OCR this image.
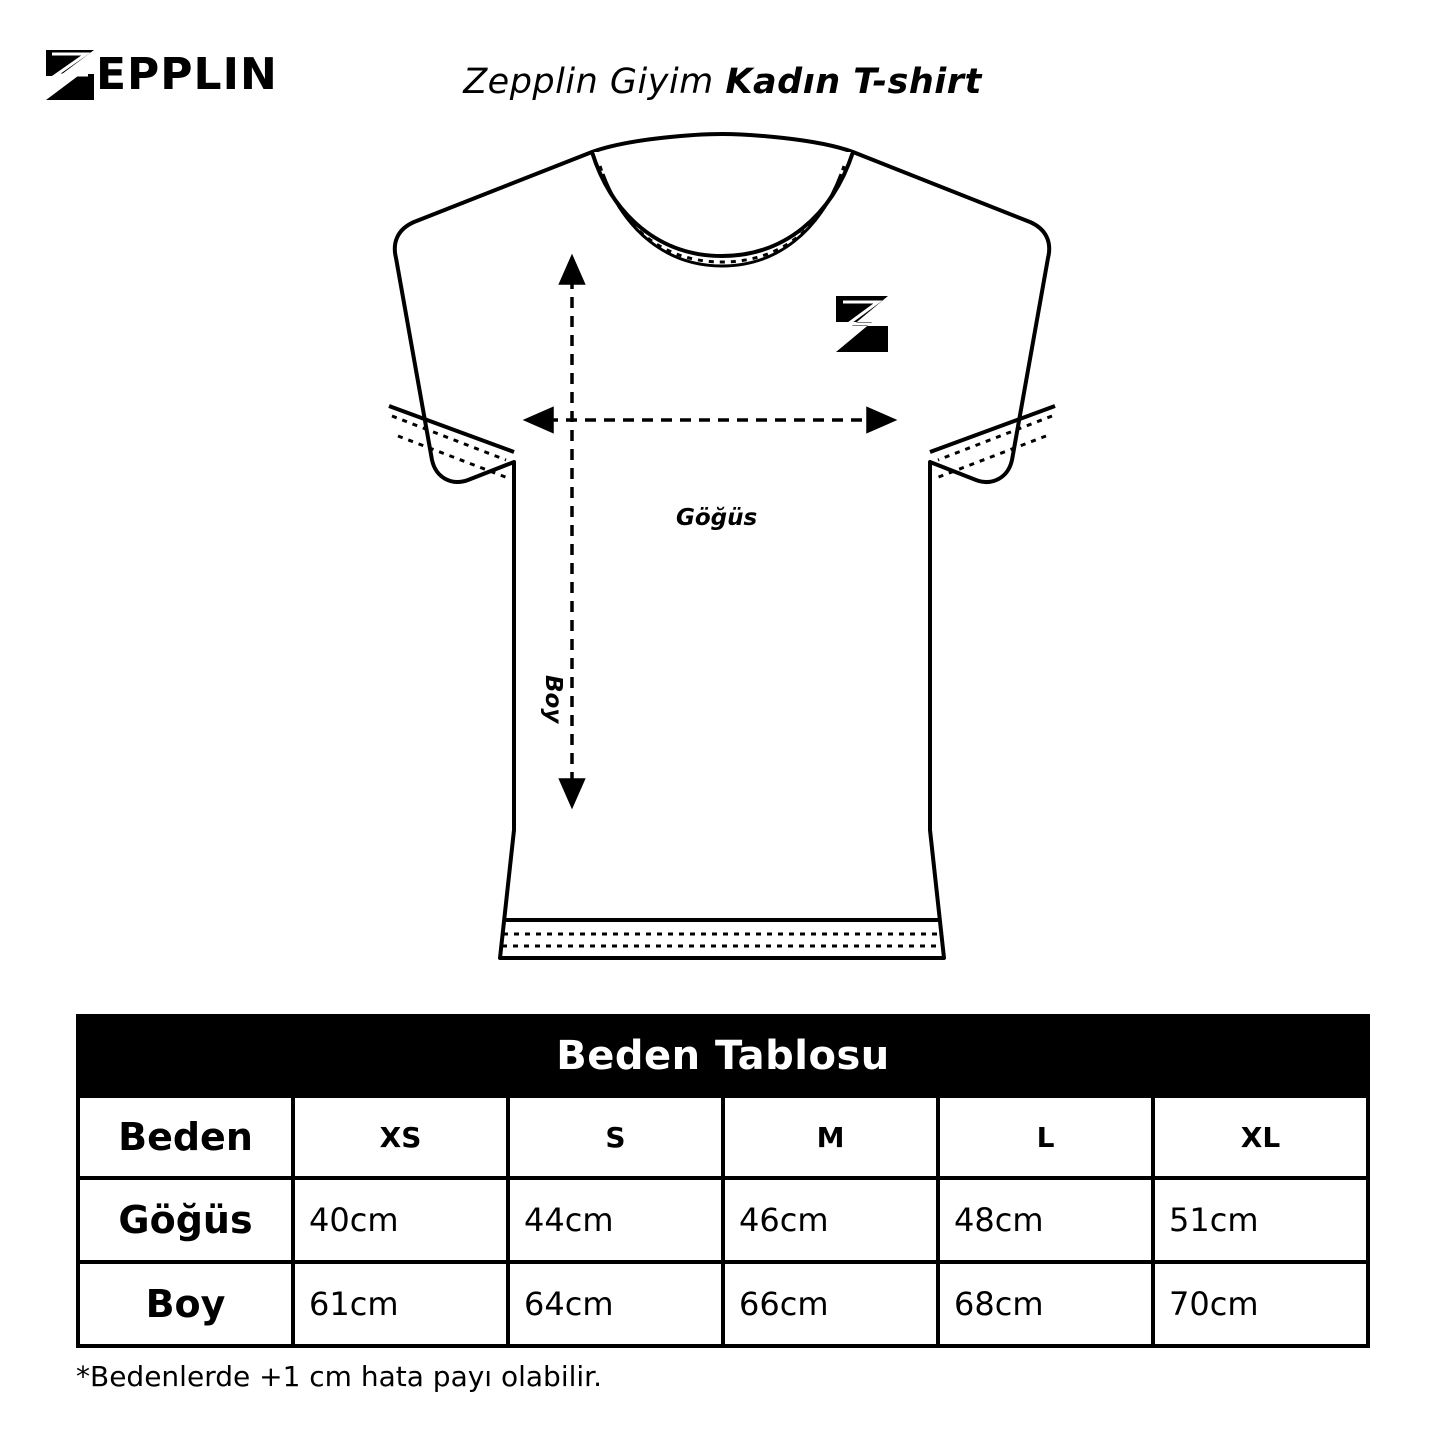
EPPLIN	Zepplin Giyim Kadın T-shirt
Göğüs
Boy
Beden Tablosu					
Beden	XS	S	M	L	XL
Göğüs	40cm	44cm	46cm	48cm	51cm
Boy	61cm	64cm	66cm	68cm	70cm
*Bedenlerde +1 cm hata payı olabilir.
